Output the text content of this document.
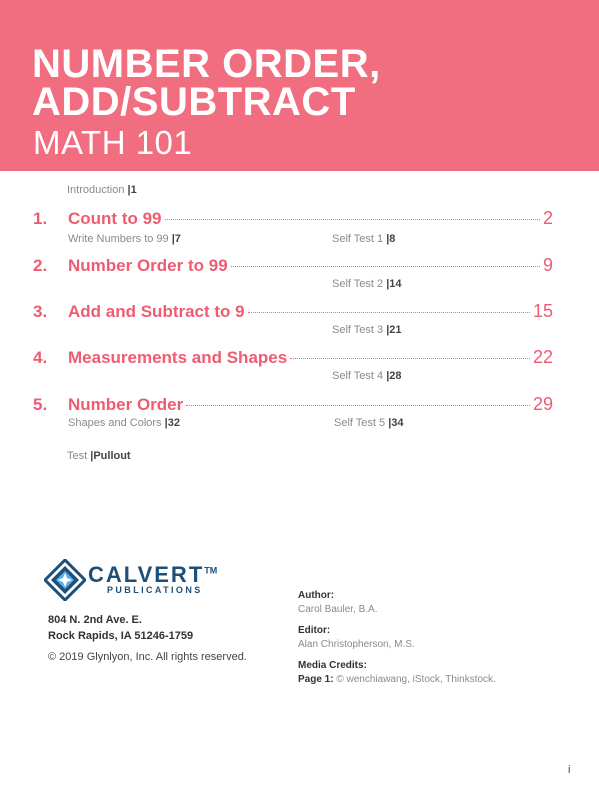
NUMBER ORDER,
ADD/SUBTRACT
MATH 101
Introduction |1
1.	Count to 99	2
Write Numbers to 99 |7	Self Test 1 |8
2.	Number Order to 99	9
Self Test 2 |14
3.	Add and Subtract to 9	15
Self Test 3 |21
4.	Measurements and Shapes	22
Self Test 4 |28
5.	Number Order	29
Shapes and Colors |32	Self Test 5 |34
Test |Pullout
CALVERT™
PUBLICATIONS
804 N. 2nd Ave. E.
Rock Rapids, IA 51246-1759
© 2019 Glynlyon, Inc. All rights reserved.
Author:
Carol Bauler, B.A.
Editor:
Alan Christopherson, M.S.
Media Credits:
Page 1: © wenchiawang, iStock, Thinkstock.
i
